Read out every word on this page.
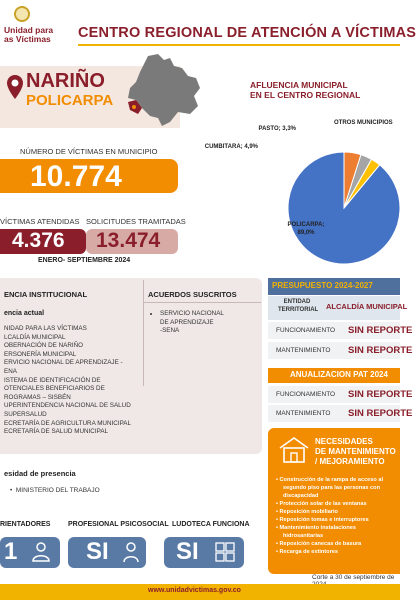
Unidad para
as Víctimas CENTRO REGIONAL DE ATENCIÓN A VÍCTIMAS
NARIÑO
POLICARPA
NÚMERO DE VÍCTIMAS EN MUNICIPIO
10.774
VÍCTIMAS ATENDIDAS SOLICITUDES TRAMITADAS
4.376 13.474
ENERO- SEPTIEMBRE 2024
AFLUENCIA MUNICIPAL
EN EL CENTRO REGIONAL
POLICARPA; 89,0%
CUMBITARA; 4,9%
PASTO; 3,3%
OTROS MUNICIPIOS
ENCIA INSTITUCIONAL
encia actual
NIDAD PARA LAS VÍCTIMAS
LCALDÍA MUNICIPAL
OBERNACIÓN DE NARIÑO
ERSONERÍA MUNICIPAL
ERVICIO NACIONAL DE APRENDIZAJE -
ENA
ISTEMA DE IDENTIFICACIÓN DE
OTENCIALES BENEFICIARIOS DE
ROGRAMAS – SISBÉN
UPERINTENDENCIA NACIONAL DE SALUD
SUPERSALUD
ECRETARÍA DE AGRICULTURA MUNICIPAL
ECRETARÍA DE SALUD MUNICIPAL
ACUERDOS SUSCRITOS
• SERVICIO NACIONAL
DE APRENDIZAJE
-SENA
esidad de presencia
•  MINISTERIO DEL TRABAJO
RIENTADORES	PROFESIONAL PSICOSOCIAL LUDOTECA FUNCIONA
1	SI	SI
PRESUPUESTO 2024-2027
ENTIDAD
TERRITORIAL ALCALDÍA MUNICIPAL
FUNCIONAMIENTO SIN REPORTE
MANTENIMIENTO SIN REPORTE
ANUALIZACION PAT 2024
FUNCIONAMIENTO SIN REPORTE
MANTENIMIENTO SIN REPORTE
NECESIDADES
DE MANTENIMIENTO
/ MEJORAMIENTO
• Construcción de la rampa de acceso al
segundo piso para las personas con
discapacidad
• Protección solar de las ventanas
• Reposición mobiliario
• Reposición tomas e interruptores
• Mantenimiento instalaciones
hidrosanitarias
• Reposición canecas de basura
• Recarga de extintores
Corte a 30 de septiembre de
www.unidadvictimas.gov.co
